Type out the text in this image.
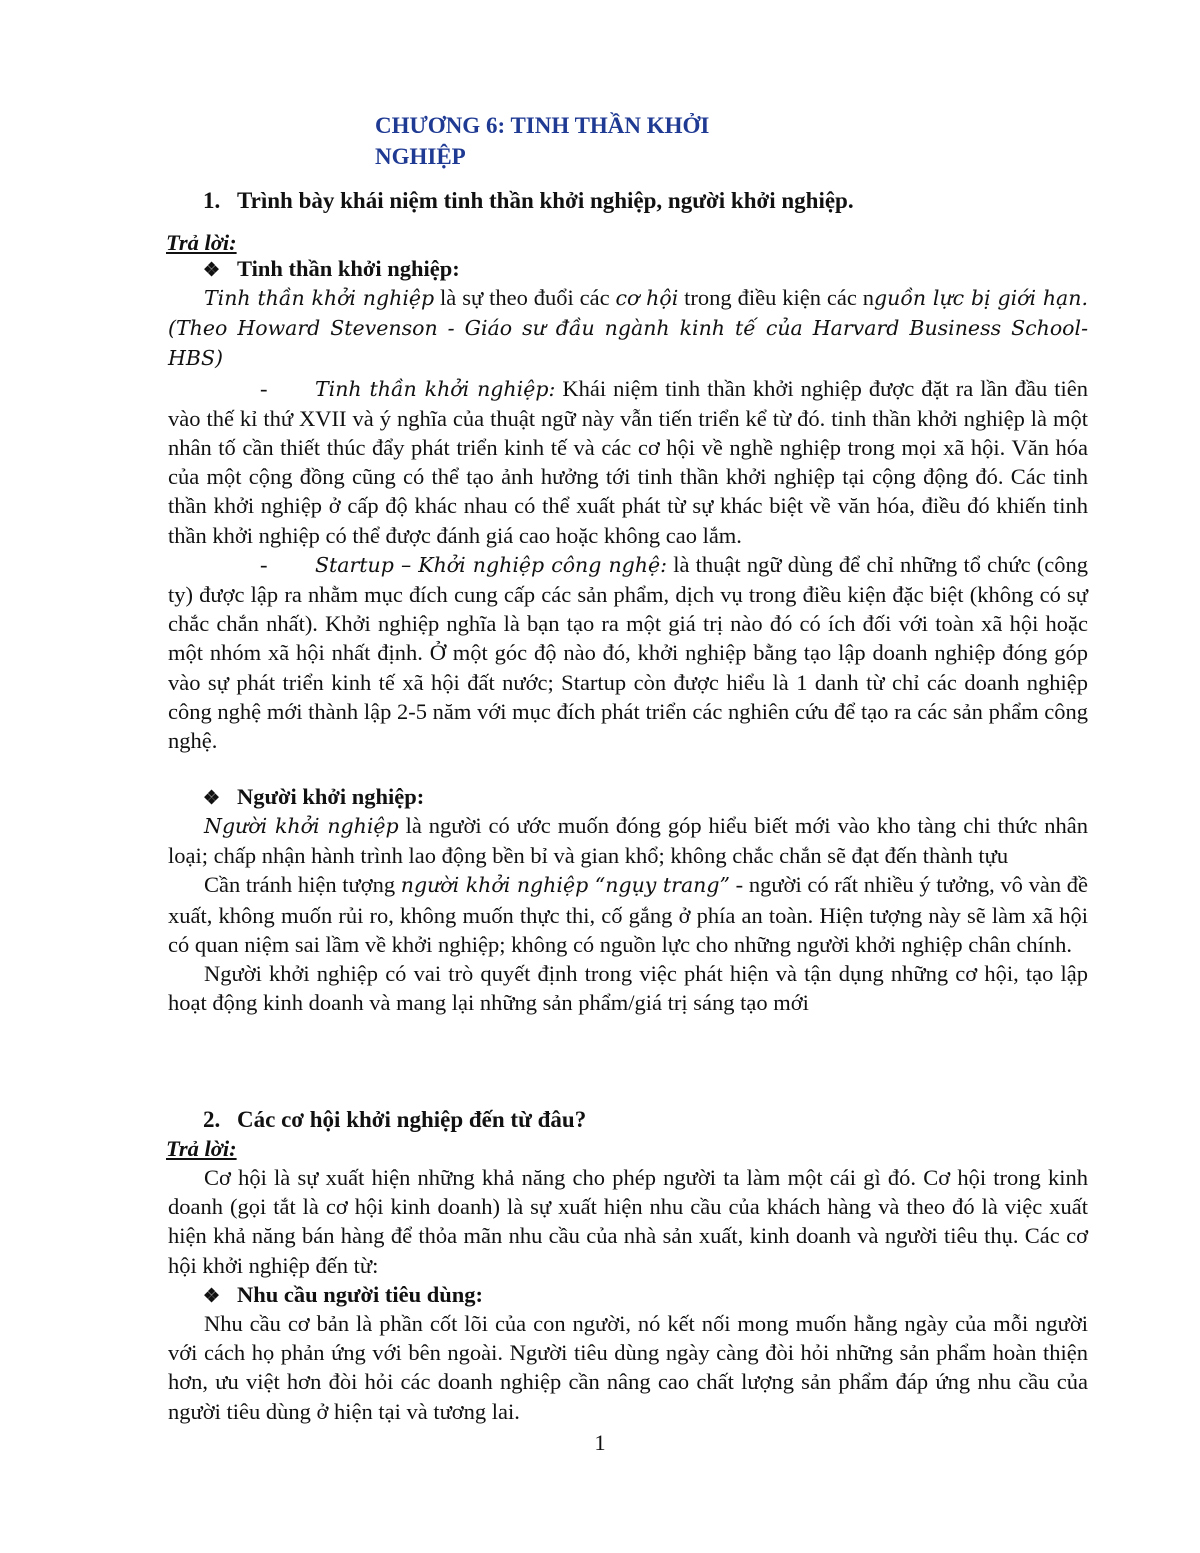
CHƯƠNG 6: TINH THẦN KHỞI
NGHIỆP
1. Trình bày khái niệm tinh thần khởi nghiệp, người khởi nghiệp.
Trả lời:
❖ Tinh thần khởi nghiệp:

Tinh thần khởi nghiệp là sự theo đuổi các cơ hội trong điều kiện các nguồn lực bị giới hạn. (Theo Howard Stevenson - Giáo sư đầu ngành kinh tế của Harvard Business School-HBS)

- Tinh thần khởi nghiệp: Khái niệm tinh thần khởi nghiệp được đặt ra lần đầu tiên vào thế kỉ thứ XVII và ý nghĩa của thuật ngữ này vẫn tiến triển kể từ đó. tinh thần khởi nghiệp là một nhân tố cần thiết thúc đẩy phát triển kinh tế và các cơ hội về nghề nghiệp trong mọi xã hội. Văn hóa của một cộng đồng cũng có thể tạo ảnh hưởng tới tinh thần khởi nghiệp tại cộng động đó. Các tinh thần khởi nghiệp ở cấp độ khác nhau có thể xuất phát từ sự khác biệt về văn hóa, điều đó khiến tinh thần khởi nghiệp có thể được đánh giá cao hoặc không cao lắm.

- Startup – Khởi nghiệp công nghệ: là thuật ngữ dùng để chỉ những tổ chức (công ty) được lập ra nhằm mục đích cung cấp các sản phẩm, dịch vụ trong điều kiện đặc biệt (không có sự chắc chắn nhất). Khởi nghiệp nghĩa là bạn tạo ra một giá trị nào đó có ích đối với toàn xã hội hoặc một nhóm xã hội nhất định. Ở một góc độ nào đó, khởi nghiệp bằng tạo lập doanh nghiệp đóng góp vào sự phát triển kinh tế xã hội đất nước; Startup còn được hiểu là 1 danh từ chỉ các doanh nghiệp công nghệ mới thành lập 2-5 năm với mục đích phát triển các nghiên cứu để tạo ra các sản phẩm công nghệ.

❖ Người khởi nghiệp:

Người khởi nghiệp là người có ước muốn đóng góp hiểu biết mới vào kho tàng chi thức nhân loại; chấp nhận hành trình lao động bền bỉ và gian khổ; không chắc chắn sẽ đạt đến thành tựu

Cần tránh hiện tượng người khởi nghiệp “ngụy trang” - người có rất nhiều ý tưởng, vô vàn đề xuất, không muốn rủi ro, không muốn thực thi, cố gắng ở phía an toàn. Hiện tượng này sẽ làm xã hội có quan niệm sai lầm về khởi nghiệp; không có nguồn lực cho những người khởi nghiệp chân chính.

Người khởi nghiệp có vai trò quyết định trong việc phát hiện và tận dụng những cơ hội, tạo lập hoạt động kinh doanh và mang lại những sản phẩm/giá trị sáng tạo mới

2. Các cơ hội khởi nghiệp đến từ đâu?
Trả lời:

Cơ hội là sự xuất hiện những khả năng cho phép người ta làm một cái gì đó. Cơ hội trong kinh doanh (gọi tắt là cơ hội kinh doanh) là sự xuất hiện nhu cầu của khách hàng và theo đó là việc xuất hiện khả năng bán hàng để thỏa mãn nhu cầu của nhà sản xuất, kinh doanh và người tiêu thụ. Các cơ hội khởi nghiệp đến từ:

❖ Nhu cầu người tiêu dùng:

Nhu cầu cơ bản là phần cốt lõi của con người, nó kết nối mong muốn hằng ngày của mỗi người với cách họ phản ứng với bên ngoài. Người tiêu dùng ngày càng đòi hỏi những sản phẩm hoàn thiện hơn, ưu việt hơn đòi hỏi các doanh nghiệp cần nâng cao chất lượng sản phẩm đáp ứng nhu cầu của người tiêu dùng ở hiện tại và tương lai.

1
